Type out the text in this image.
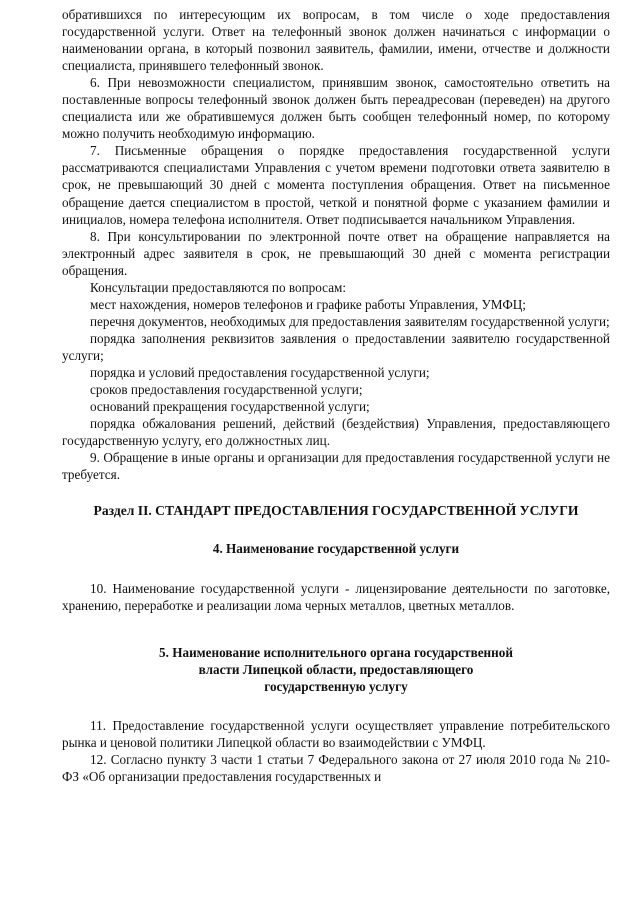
обратившихся по интересующим их вопросам, в том числе о ходе предоставления государственной услуги. Ответ на телефонный звонок должен начинаться с информации о наименовании органа, в который позвонил заявитель, фамилии, имени, отчестве и должности специалиста, принявшего телефонный звонок.

6. При невозможности специалистом, принявшим звонок, самостоятельно ответить на поставленные вопросы телефонный звонок должен быть переадресован (переведен) на другого специалиста или же обратившемуся должен быть сообщен телефонный номер, по которому можно получить необходимую информацию.

7. Письменные обращения о порядке предоставления государственной услуги рассматриваются специалистами Управления с учетом времени подготовки ответа заявителю в срок, не превышающий 30 дней с момента поступления обращения. Ответ на письменное обращение дается специалистом в простой, четкой и понятной форме с указанием фамилии и инициалов, номера телефона исполнителя. Ответ подписывается начальником Управления.

8. При консультировании по электронной почте ответ на обращение направляется на электронный адрес заявителя в срок, не превышающий 30 дней с момента регистрации обращения.

Консультации предоставляются по вопросам:

мест нахождения, номеров телефонов и графике работы Управления, УМФЦ;

перечня документов, необходимых для предоставления заявителям государственной услуги;

порядка заполнения реквизитов заявления о предоставлении заявителю государственной услуги;

порядка и условий предоставления государственной услуги;

сроков предоставления государственной услуги;

оснований прекращения государственной услуги;

порядка обжалования решений, действий (бездействия) Управления, предоставляющего государственную услугу, его должностных лиц.

9. Обращение в иные органы и организации для предоставления государственной услуги не требуется.

Раздел II. СТАНДАРТ ПРЕДОСТАВЛЕНИЯ ГОСУДАРСТВЕННОЙ УСЛУГИ

4. Наименование государственной услуги

10. Наименование государственной услуги - лицензирование деятельности по заготовке, хранению, переработке и реализации лома черных металлов, цветных металлов.

5. Наименование исполнительного органа государственной
власти Липецкой области, предоставляющего
государственную услугу

11. Предоставление государственной услуги осуществляет управление потребительского рынка и ценовой политики Липецкой области во взаимодействии с УМФЦ.

12. Согласно пункту 3 части 1 статьи 7 Федерального закона от 27 июля 2010 года № 210-ФЗ «Об организации предоставления государственных и
